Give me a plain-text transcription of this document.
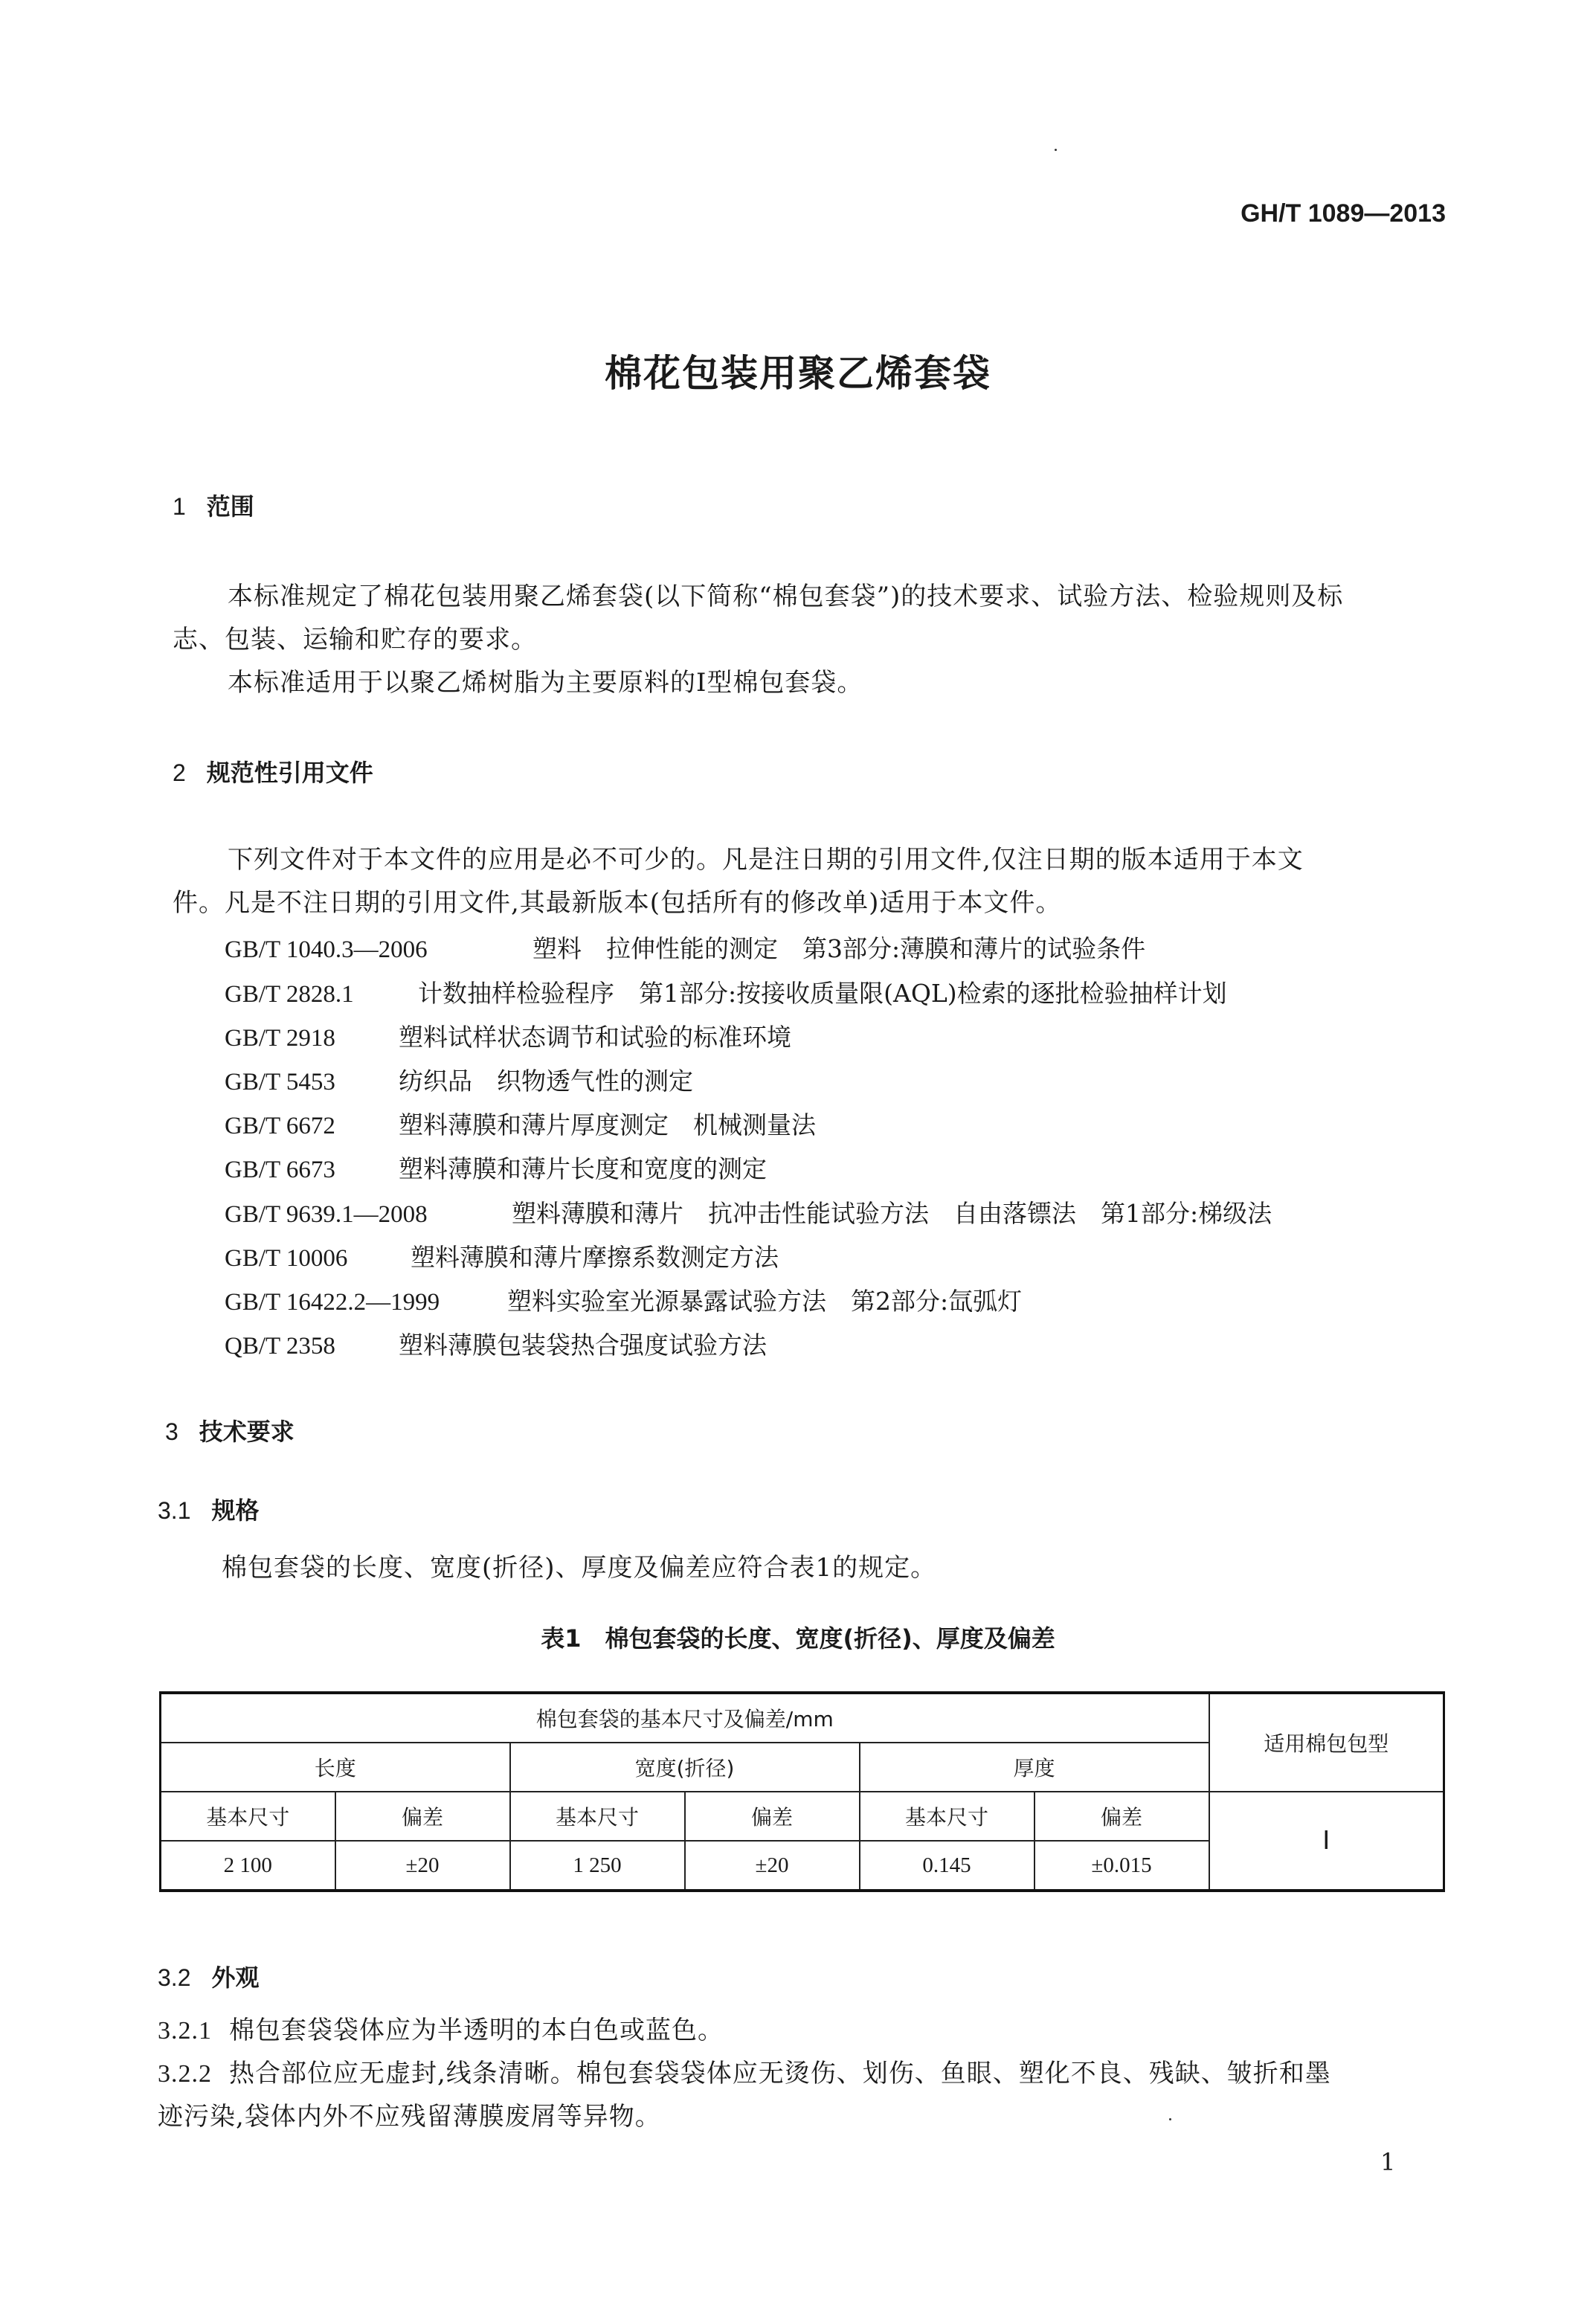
GH/T 1089—2013
棉花包装用聚乙烯套袋
1 范围
本标准规定了棉花包装用聚乙烯套袋(以下简称“棉包套袋”)的技术要求、试验方法、检验规则及标
志、包装、运输和贮存的要求。
本标准适用于以聚乙烯树脂为主要原料的Ⅰ型棉包套袋。
2 规范性引用文件
下列文件对于本文件的应用是必不可少的。凡是注日期的引用文件,仅注日期的版本适用于本文
件。凡是不注日期的引用文件,其最新版本(包括所有的修改单)适用于本文件。
GB/T 1040.3—2006	塑料　拉伸性能的测定　第3部分:薄膜和薄片的试验条件
GB/T 2828.1	计数抽样检验程序　第1部分:按接收质量限(AQL)检索的逐批检验抽样计划
GB/T 2918	塑料试样状态调节和试验的标准环境
GB/T 5453	纺织品　织物透气性的测定
GB/T 6672	塑料薄膜和薄片厚度测定　机械测量法
GB/T 6673	塑料薄膜和薄片长度和宽度的测定
GB/T 9639.1—2008	塑料薄膜和薄片　抗冲击性能试验方法　自由落镖法　第1部分:梯级法
GB/T 10006	塑料薄膜和薄片摩擦系数测定方法
GB/T 16422.2—1999	塑料实验室光源暴露试验方法　第2部分:氙弧灯
QB/T 2358	塑料薄膜包装袋热合强度试验方法
3 技术要求
3.1 规格
棉包套袋的长度、宽度(折径)、厚度及偏差应符合表1的规定。
表1　棉包套袋的长度、宽度(折径)、厚度及偏差
棉包套袋的基本尺寸及偏差/mm						适用棉包包型
长度		宽度(折径)		厚度		
基本尺寸	偏差	基本尺寸	偏差	基本尺寸	偏差	Ⅰ
2 100	±20	1 250	±20	0.145	±0.015	
3.2 外观
3.2.1 棉包套袋袋体应为半透明的本白色或蓝色。
3.2.2 热合部位应无虚封,线条清晰。棉包套袋袋体应无烫伤、划伤、鱼眼、塑化不良、残缺、皱折和墨
迹污染,袋体内外不应残留薄膜废屑等异物。
1
